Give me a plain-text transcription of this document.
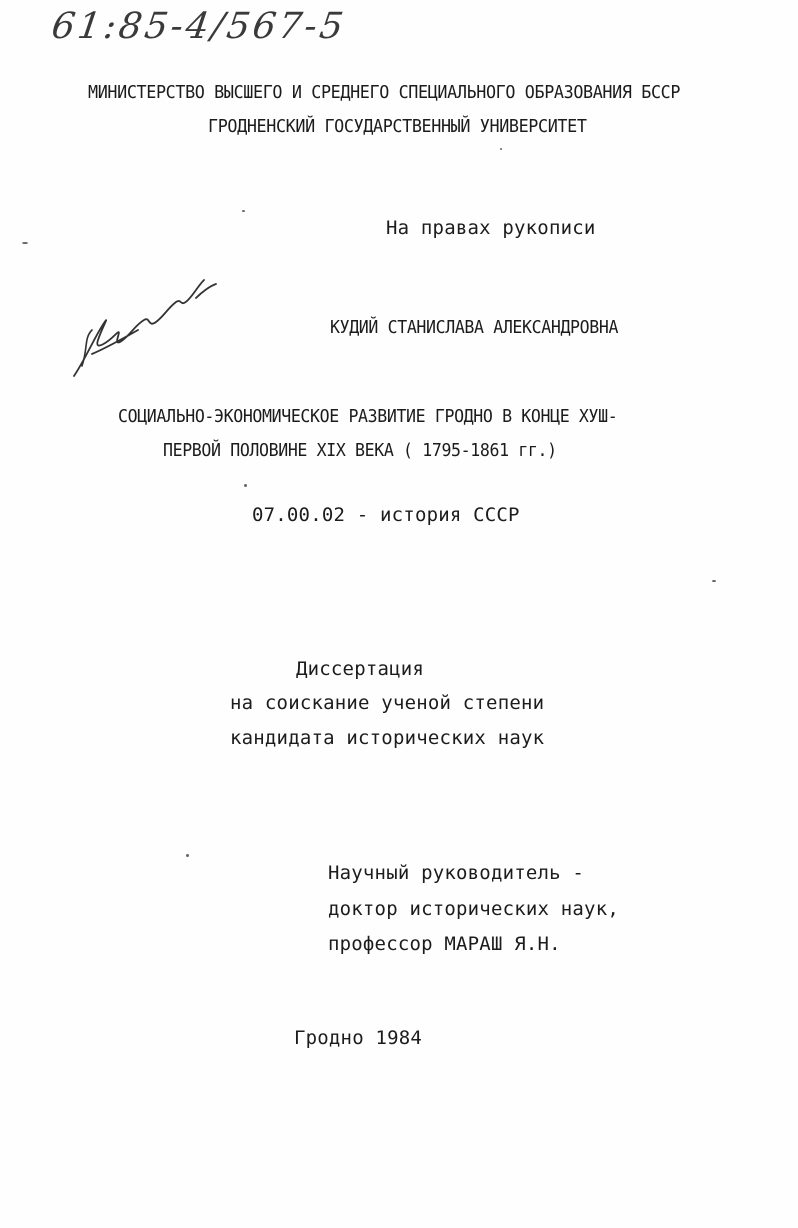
61:85-4/567-5
МИНИСТЕРСТВО ВЫСШЕГО И СРЕДНЕГО СПЕЦИАЛЬНОГО ОБРАЗОВАНИЯ БССР
ГРОДНЕНСКИЙ ГОСУДАРСТВЕННЫЙ УНИВЕРСИТЕТ
На правах рукописи
КУДИЙ СТАНИСЛАВА АЛЕКСАНДРОВНА
СОЦИАЛЬНО-ЭКОНОМИЧЕСКОЕ РАЗВИТИЕ ГРОДНО В КОНЦЕ ХУШ-
ПЕРВОЙ ПОЛОВИНЕ XIX ВЕКА ( 1795-1861 гг.)
07.00.02 - история СССР
Диссертация
на соискание ученой степени
кандидата исторических наук
Научный руководитель -
доктор исторических наук,
профессор МАРАШ Я.Н.
Гродно 1984
